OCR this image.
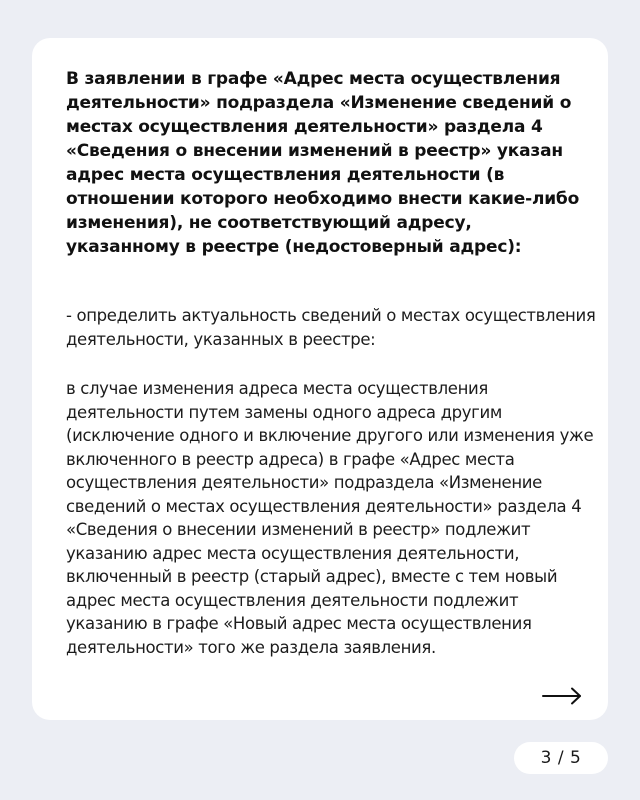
В заявлении в графе «Адрес места осуществления деятельности» подраздела «Изменение сведений о местах осуществления деятельности» раздела 4 «Сведения о внесении изменений в реестр» указан адрес места осуществления деятельности (в отношении которого необходимо внести какие-либо изменения), не соответствующий адресу, указанному в реестре (недостоверный адрес):

- определить актуальность сведений о местах осуществления деятельности, указанных в реестре:

в случае изменения адреса места осуществления деятельности путем замены одного адреса другим (исключение одного и включение другого или изменения уже включенного в реестр адреса) в графе «Адрес места осуществления деятельности» подраздела «Изменение сведений о местах осуществления деятельности» раздела 4 «Сведения о внесении изменений в реестр» подлежит указанию адрес места осуществления деятельности, включенный в реестр (старый адрес), вместе с тем новый адрес места осуществления деятельности подлежит указанию в графе «Новый адрес места осуществления деятельности» того же раздела заявления.

3
/
5
